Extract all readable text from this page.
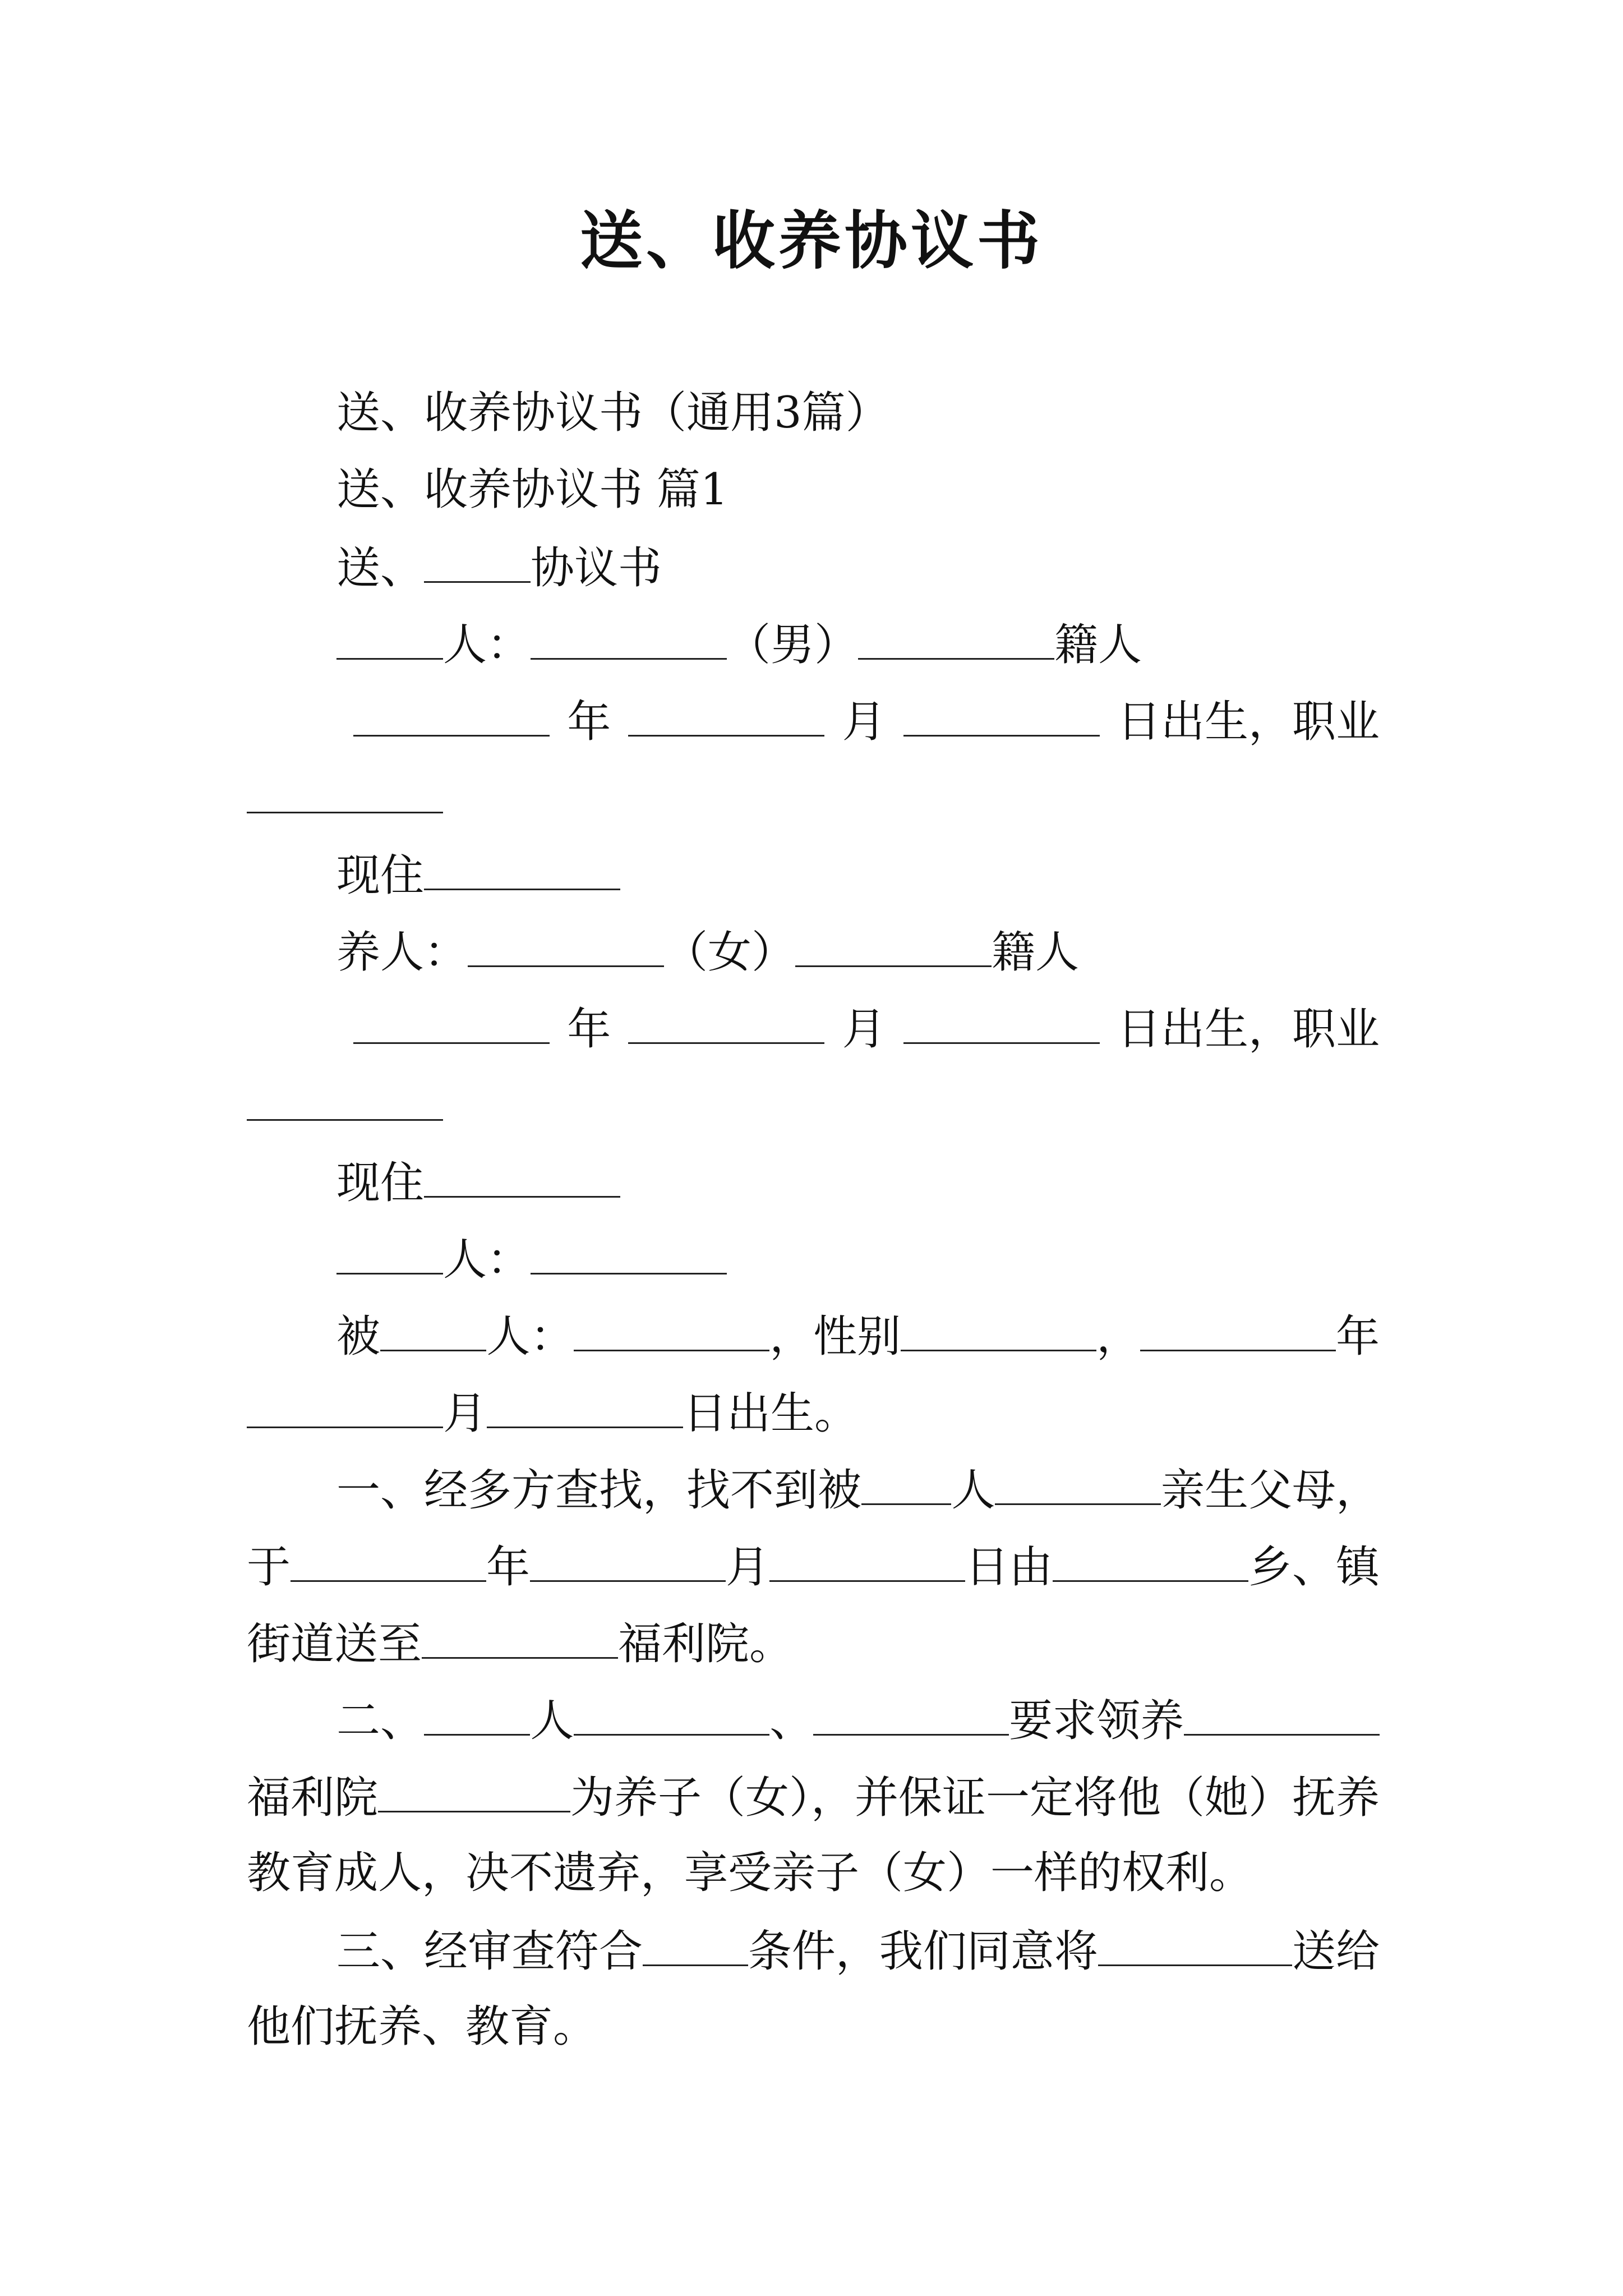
送、收养协议书
送、收养协议书（通用3篇）
送、收养协议书 篇1
送、 协议书
人：	（男）	籍人
年	月	日出生，职业
现住
养人：	（女）	籍人
年	月	日出生，职业
现住
人：
被 人：	，性别	，	年
月	日出生。
一、经多方查找，找不到被 人	亲生父母，
于	年	月	日由	乡、镇
街道送至	福利院。
二、 人	、	要求领养
福利院	为养子（女），并保证一定将他（她）抚养
教育成人，决不遗弃，享受亲子（女）一样的权利。
三、经审查符合 条件，我们同意将	送给
他们抚养、教育。
